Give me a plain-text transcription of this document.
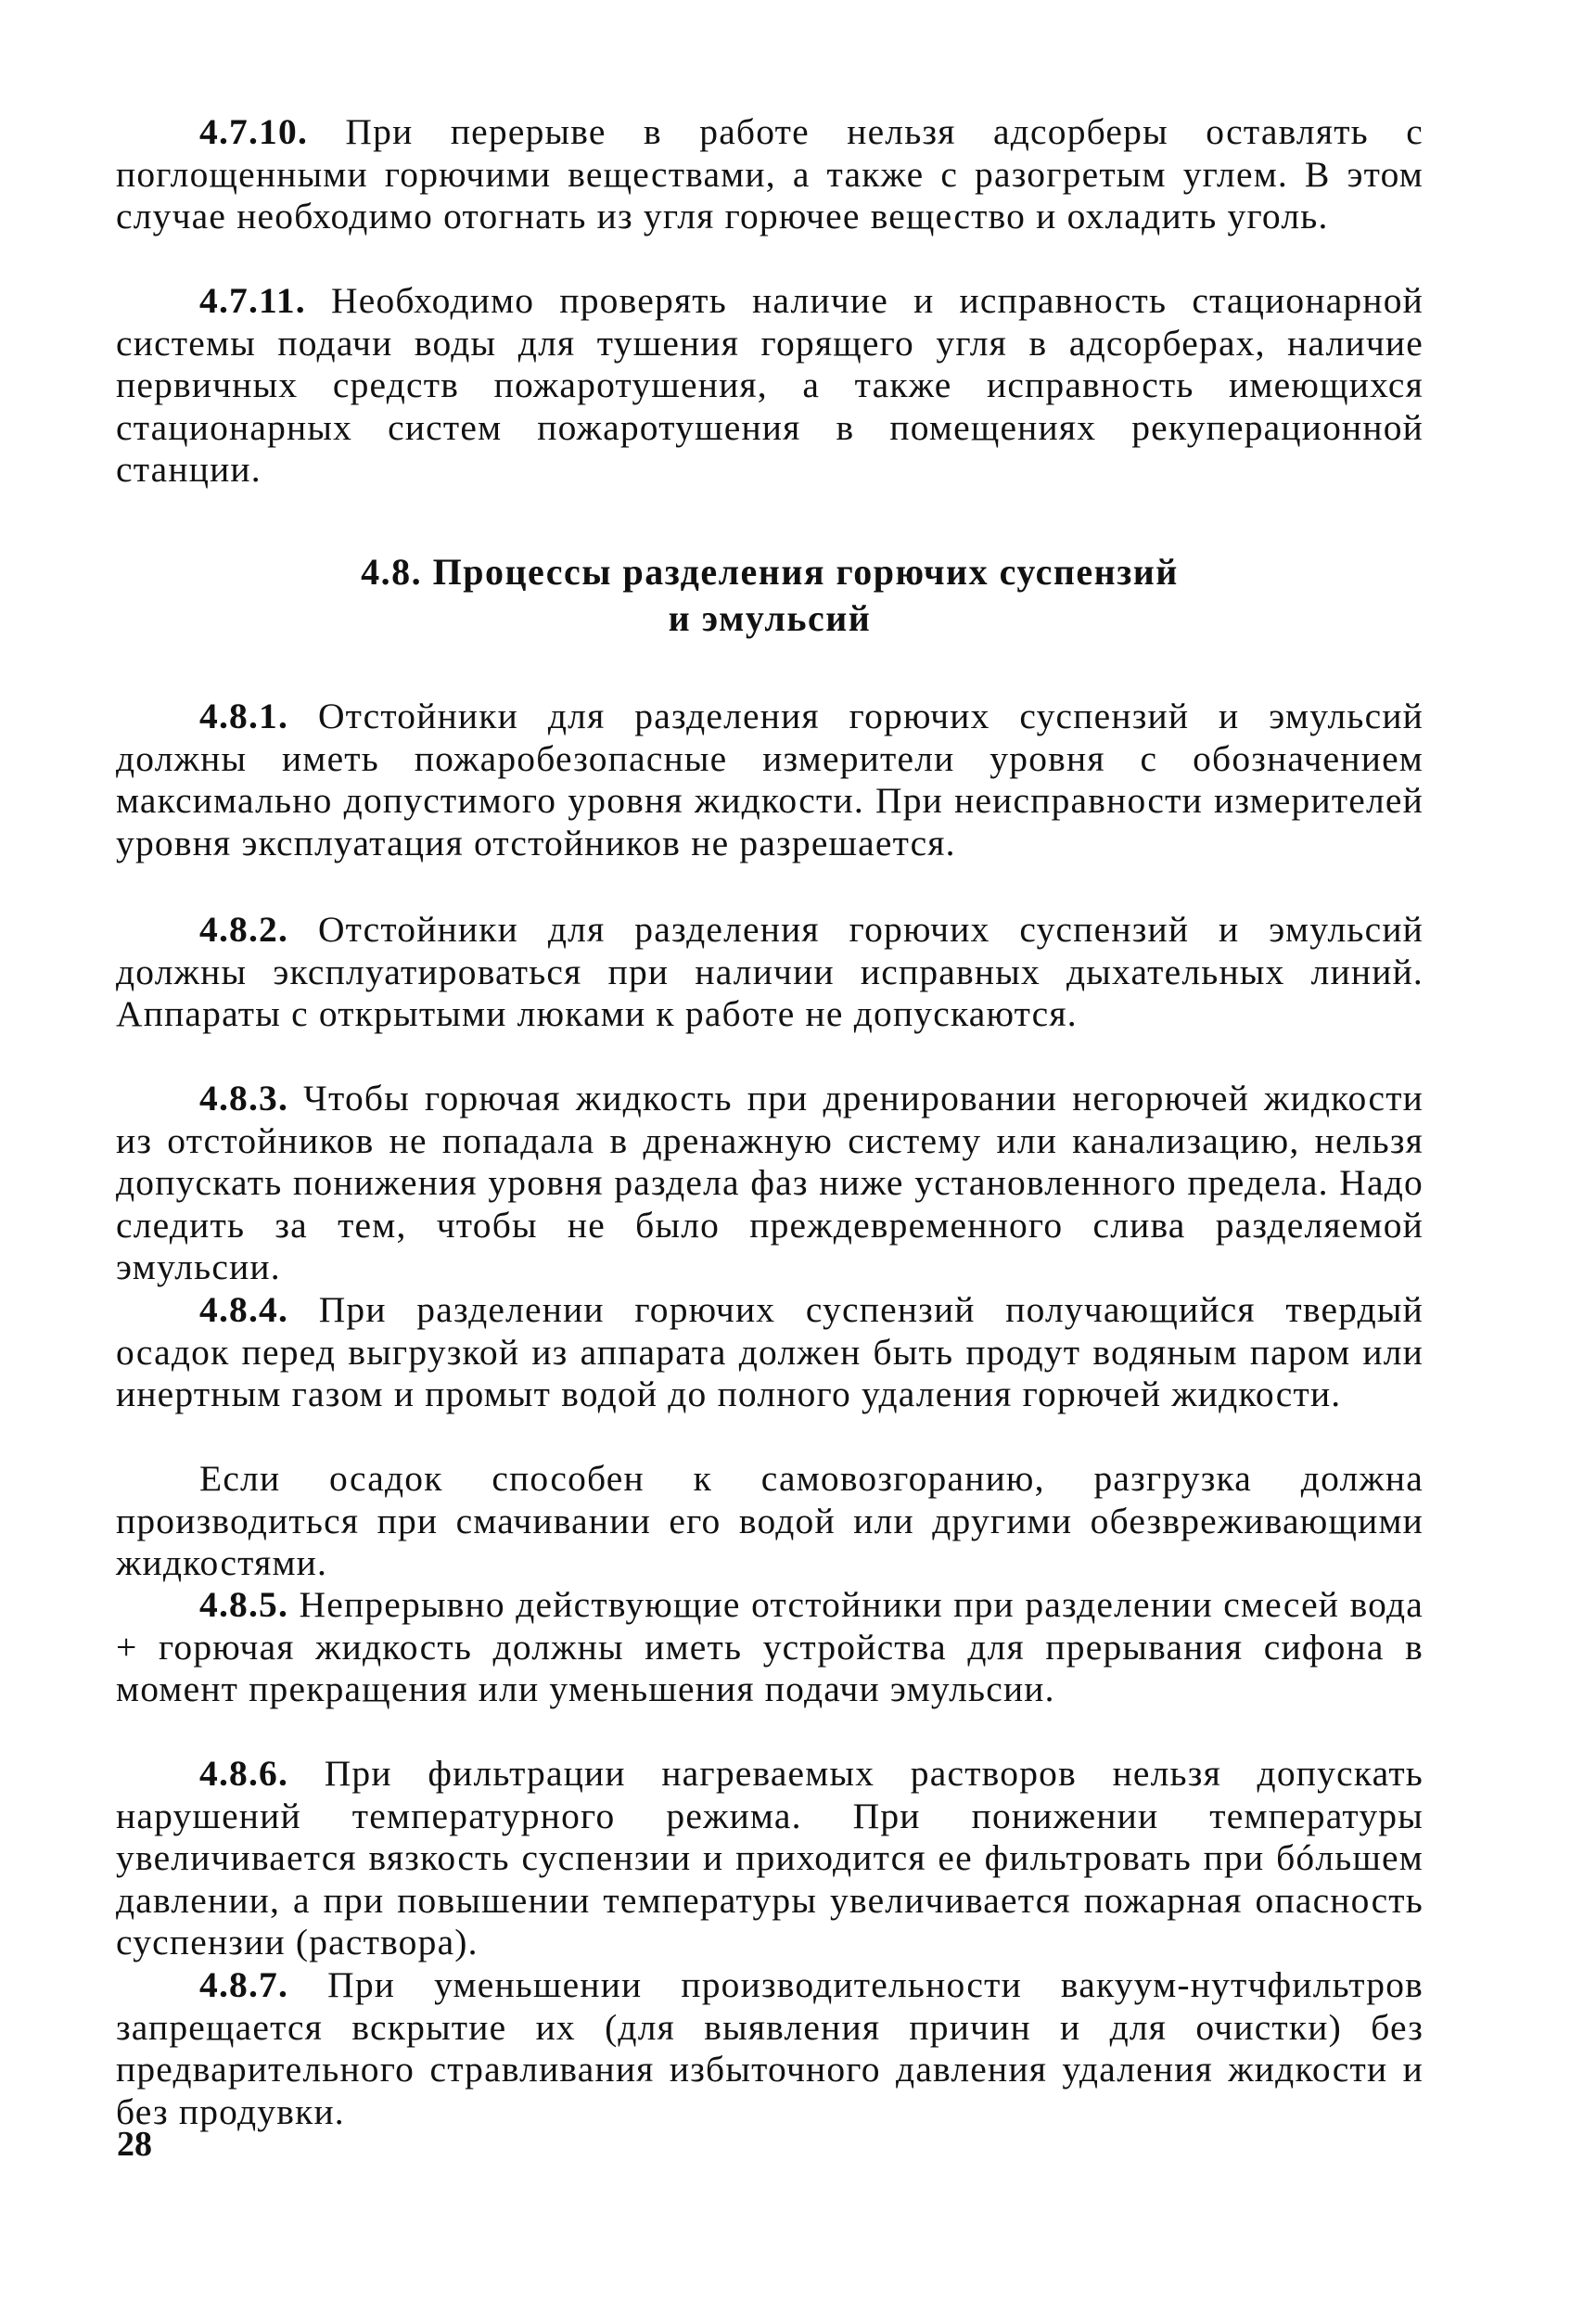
4.7.10. При перерыве в работе нельзя адсорберы оставлять с поглощенными горючими веществами, а также с разогретым углем. В этом случае необходимо отогнать из угля горючее вещество и охладить уголь.

4.7.11. Необходимо проверять наличие и исправность стационарной системы подачи воды для тушения горящего угля в адсорберах, наличие первичных средств пожаротушения, а также исправность имеющихся стационарных систем пожаротушения в помещениях рекуперационной станции.

4.8. Процессы разделения горючих суспензий
и эмульсий

4.8.1. Отстойники для разделения горючих суспензий и эмульсий должны иметь пожаробезопасные измерители уровня с обозначением максимально допустимого уровня жидкости. При неисправности измерителей уровня эксплуатация отстойников не разрешается.

4.8.2. Отстойники для разделения горючих суспензий и эмульсий должны эксплуатироваться при наличии исправных дыхательных линий. Аппараты с открытыми люками к работе не допускаются.

4.8.3. Чтобы горючая жидкость при дренировании негорючей жидкости из отстойников не попадала в дренажную систему или канализацию, нельзя допускать понижения уровня раздела фаз ниже установленного предела. Надо следить за тем, чтобы не было преждевременного слива разделяемой эмульсии.

4.8.4. При разделении горючих суспензий получающийся твердый осадок перед выгрузкой из аппарата должен быть продут водяным паром или инертным газом и промыт водой до полного удаления горючей жидкости.

Если осадок способен к самовозгоранию, разгрузка должна производиться при смачивании его водой или другими обезвреживающими жидкостями.

4.8.5. Непрерывно действующие отстойники при разделении смесей вода + горючая жидкость должны иметь устройства для прерывания сифона в момент прекращения или уменьшения подачи эмульсии.

4.8.6. При фильтрации нагреваемых растворов нельзя допускать нарушений температурного режима. При понижении температуры увеличивается вязкость суспензии и приходится ее фильтровать при бóльшем давлении, а при повышении температуры увеличивается пожарная опасность суспензии (раствора).

4.8.7. При уменьшении производительности вакуум-нутчфильтров запрещается вскрытие их (для выявления причин и для очистки) без предварительного стравливания избыточного давления удаления жидкости и без продувки.

28
